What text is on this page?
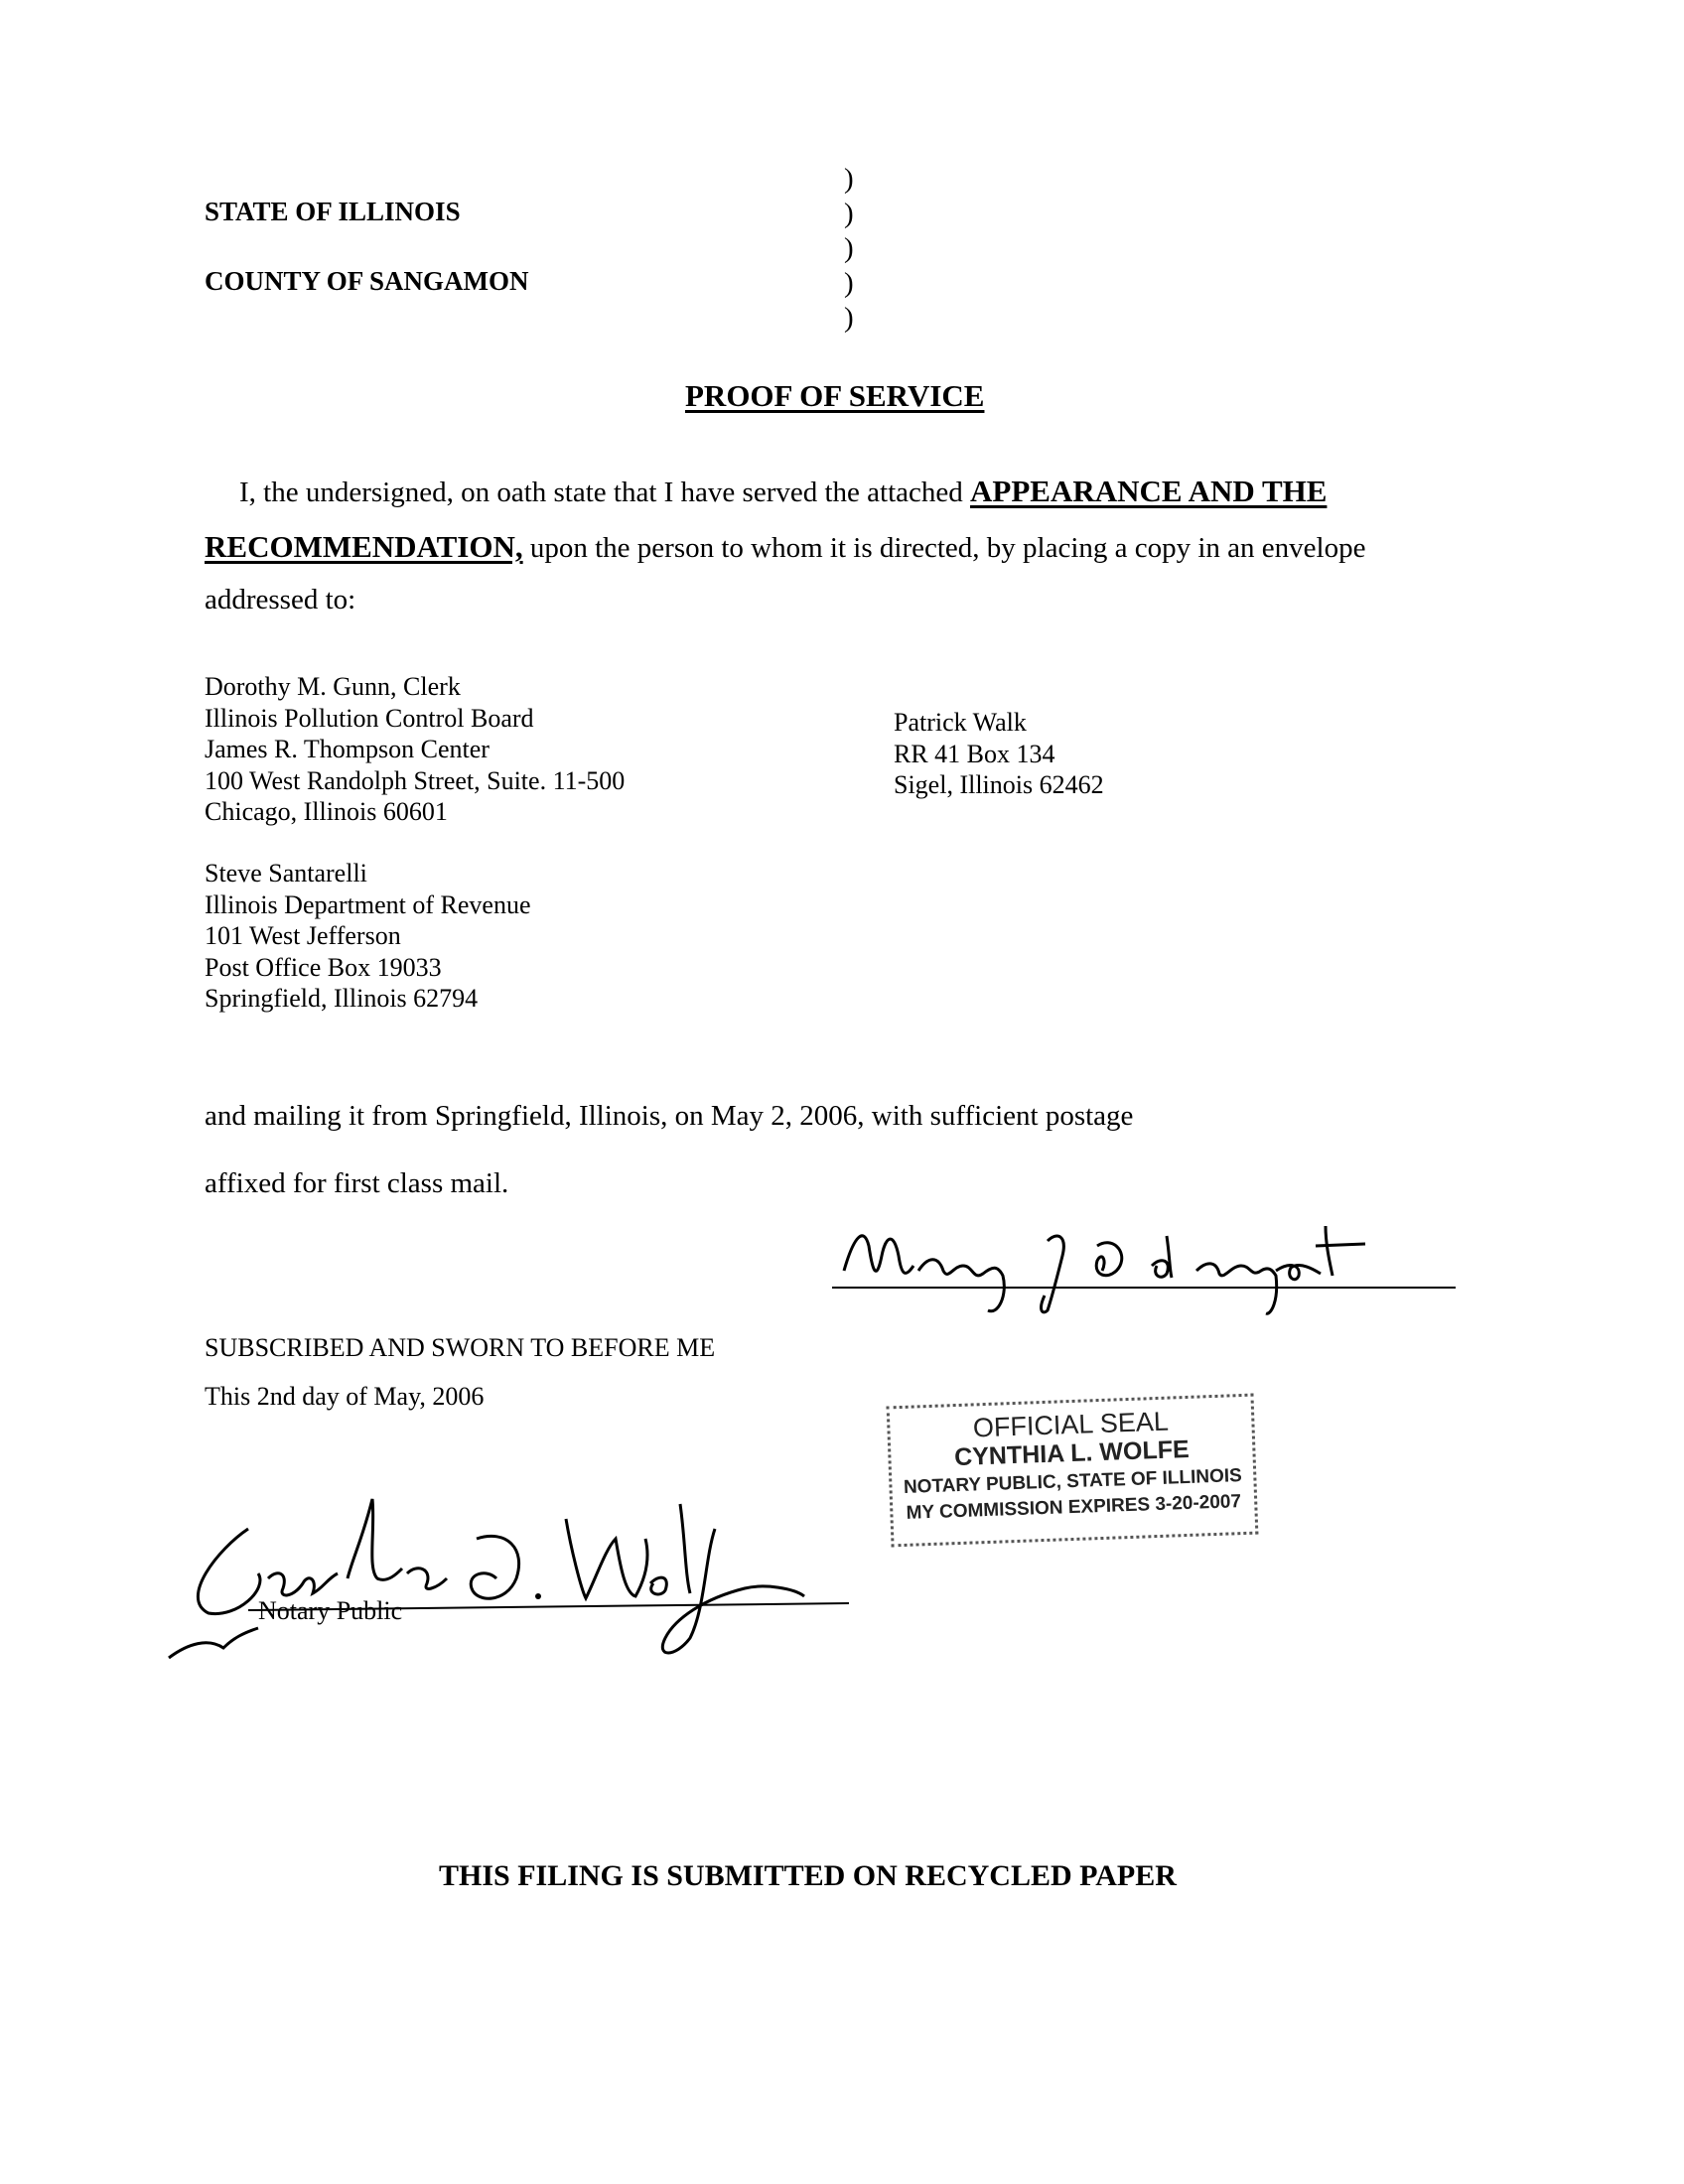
STATE OF ILLINOIS
COUNTY OF SANGAMON
)
)
)
)
)
PROOF OF SERVICE
I, the undersigned, on oath state that I have served the attached APPEARANCE AND THE
RECOMMENDATION, upon the person to whom it is directed, by placing a copy in an envelope
addressed to:
Dorothy M. Gunn, Clerk
Illinois Pollution Control Board
James R. Thompson Center
100 West Randolph Street, Suite. 11-500
Chicago, Illinois 60601
Patrick Walk
RR 41 Box 134
Sigel, Illinois 62462
Steve Santarelli
Illinois Department of Revenue
101 West Jefferson
Post Office Box 19033
Springfield, Illinois 62794
and mailing it from Springfield, Illinois, on May 2, 2006, with sufficient postage
affixed for first class mail.
SUBSCRIBED AND SWORN TO BEFORE ME
This 2nd day of May, 2006
Notary Public
OFFICIAL SEAL
CYNTHIA L. WOLFE
NOTARY PUBLIC, STATE OF ILLINOIS
MY COMMISSION EXPIRES 3-20-2007
THIS FILING IS SUBMITTED ON RECYCLED PAPER
